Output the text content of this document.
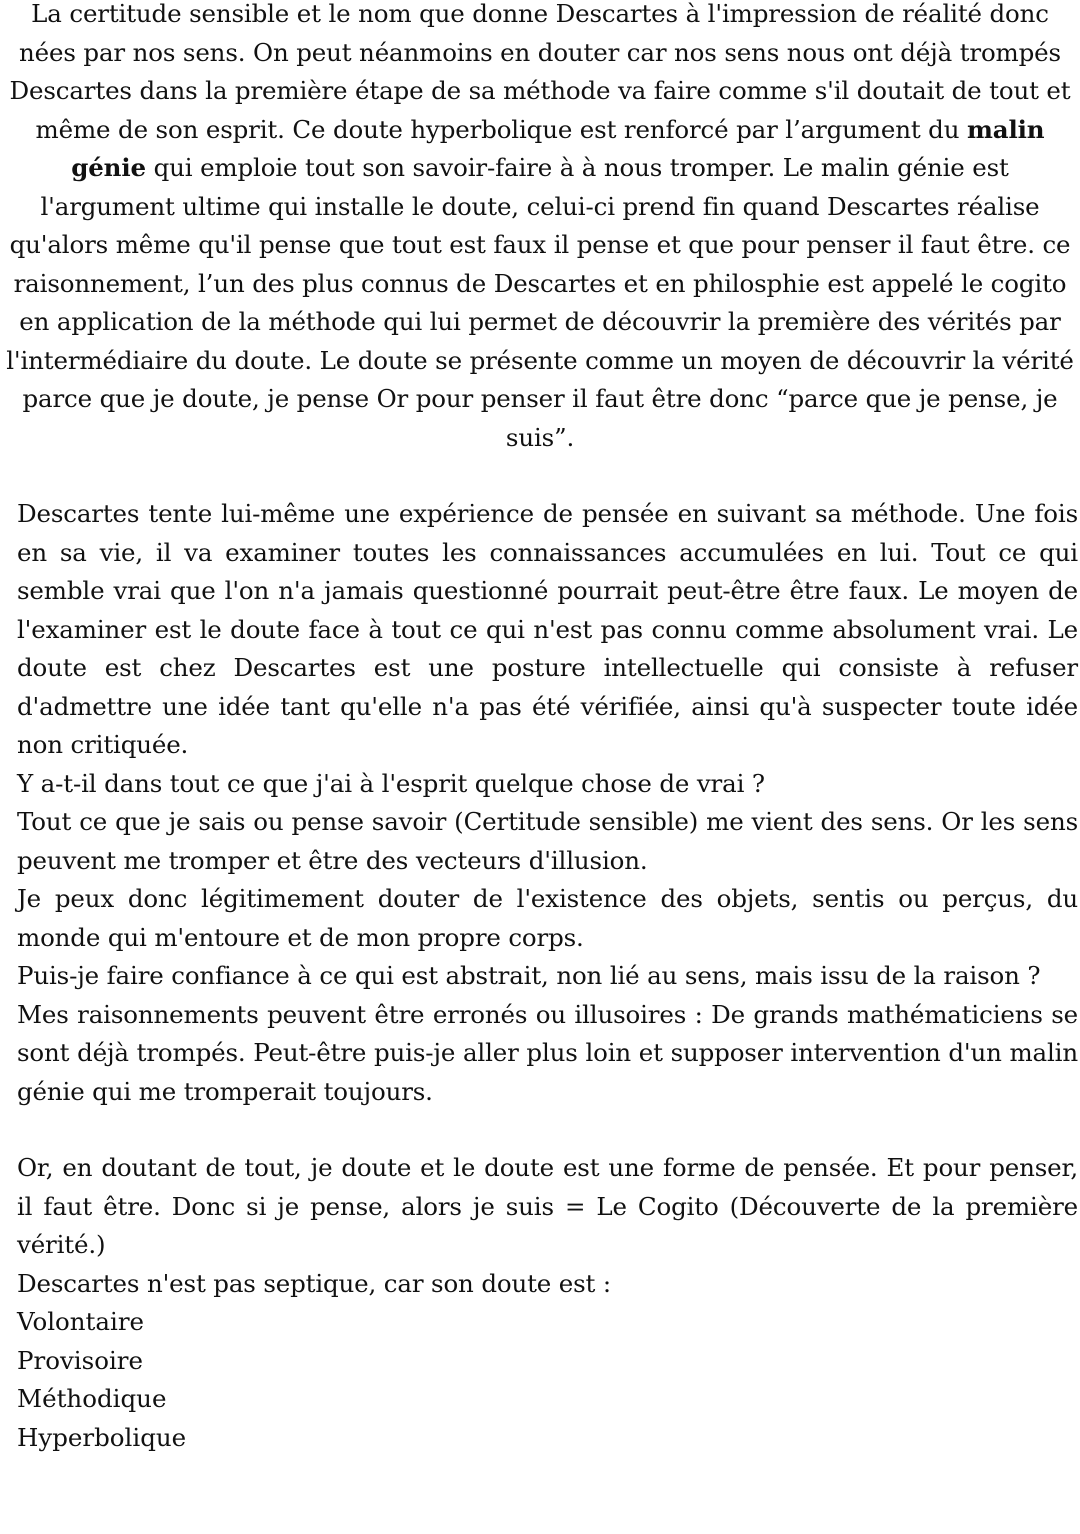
La certitude sensible et le nom que donne Descartes à l'impression de réalité donc nées par nos sens. On peut néanmoins en douter car nos sens nous ont déjà trompés Descartes dans la première étape de sa méthode va faire comme s'il doutait de tout et même de son esprit. Ce doute hyperbolique est renforcé par l’argument du malin génie qui emploie tout son savoir-faire à à nous tromper. Le malin génie est l'argument ultime qui installe le doute, celui-ci prend fin quand Descartes réalise qu'alors même qu'il pense que tout est faux il pense et que pour penser il faut être. ce raisonnement, l’un des plus connus de Descartes et en philosphie est appelé le cogito en application de la méthode qui lui permet de découvrir la première des vérités par l'intermédiaire du doute. Le doute se présente comme un moyen de découvrir la vérité parce que je doute, je pense Or pour penser il faut être donc “parce que je pense, je suis”.

Descartes tente lui-même une expérience de pensée en suivant sa méthode. Une fois en sa vie, il va examiner toutes les connaissances accumulées en lui. Tout ce qui semble vrai que l'on n'a jamais questionné pourrait peut-être être faux. Le moyen de l'examiner est le doute face à tout ce qui n'est pas connu comme absolument vrai. Le doute est chez Descartes est une posture intellectuelle qui consiste à refuser d'admettre une idée tant qu'elle n'a pas été vérifiée, ainsi qu'à suspecter toute idée non critiquée.

Y a-t-il dans tout ce que j'ai à l'esprit quelque chose de vrai ?

Tout ce que je sais ou pense savoir (Certitude sensible) me vient des sens. Or les sens peuvent me tromper et être des vecteurs d'illusion.

Je peux donc légitimement douter de l'existence des objets, sentis ou perçus, du monde qui m'entoure et de mon propre corps.

Puis-je faire confiance à ce qui est abstrait, non lié au sens, mais issu de la raison ?

Mes raisonnements peuvent être erronés ou illusoires : De grands mathématiciens se sont déjà trompés. Peut-être puis-je aller plus loin et supposer intervention d'un malin génie qui me tromperait toujours.

Or, en doutant de tout, je doute et le doute est une forme de pensée. Et pour penser, il faut être. Donc si je pense, alors je suis = Le Cogito (Découverte de la première vérité.)

Descartes n'est pas septique, car son doute est :

Volontaire

Provisoire

Méthodique

Hyperbolique
